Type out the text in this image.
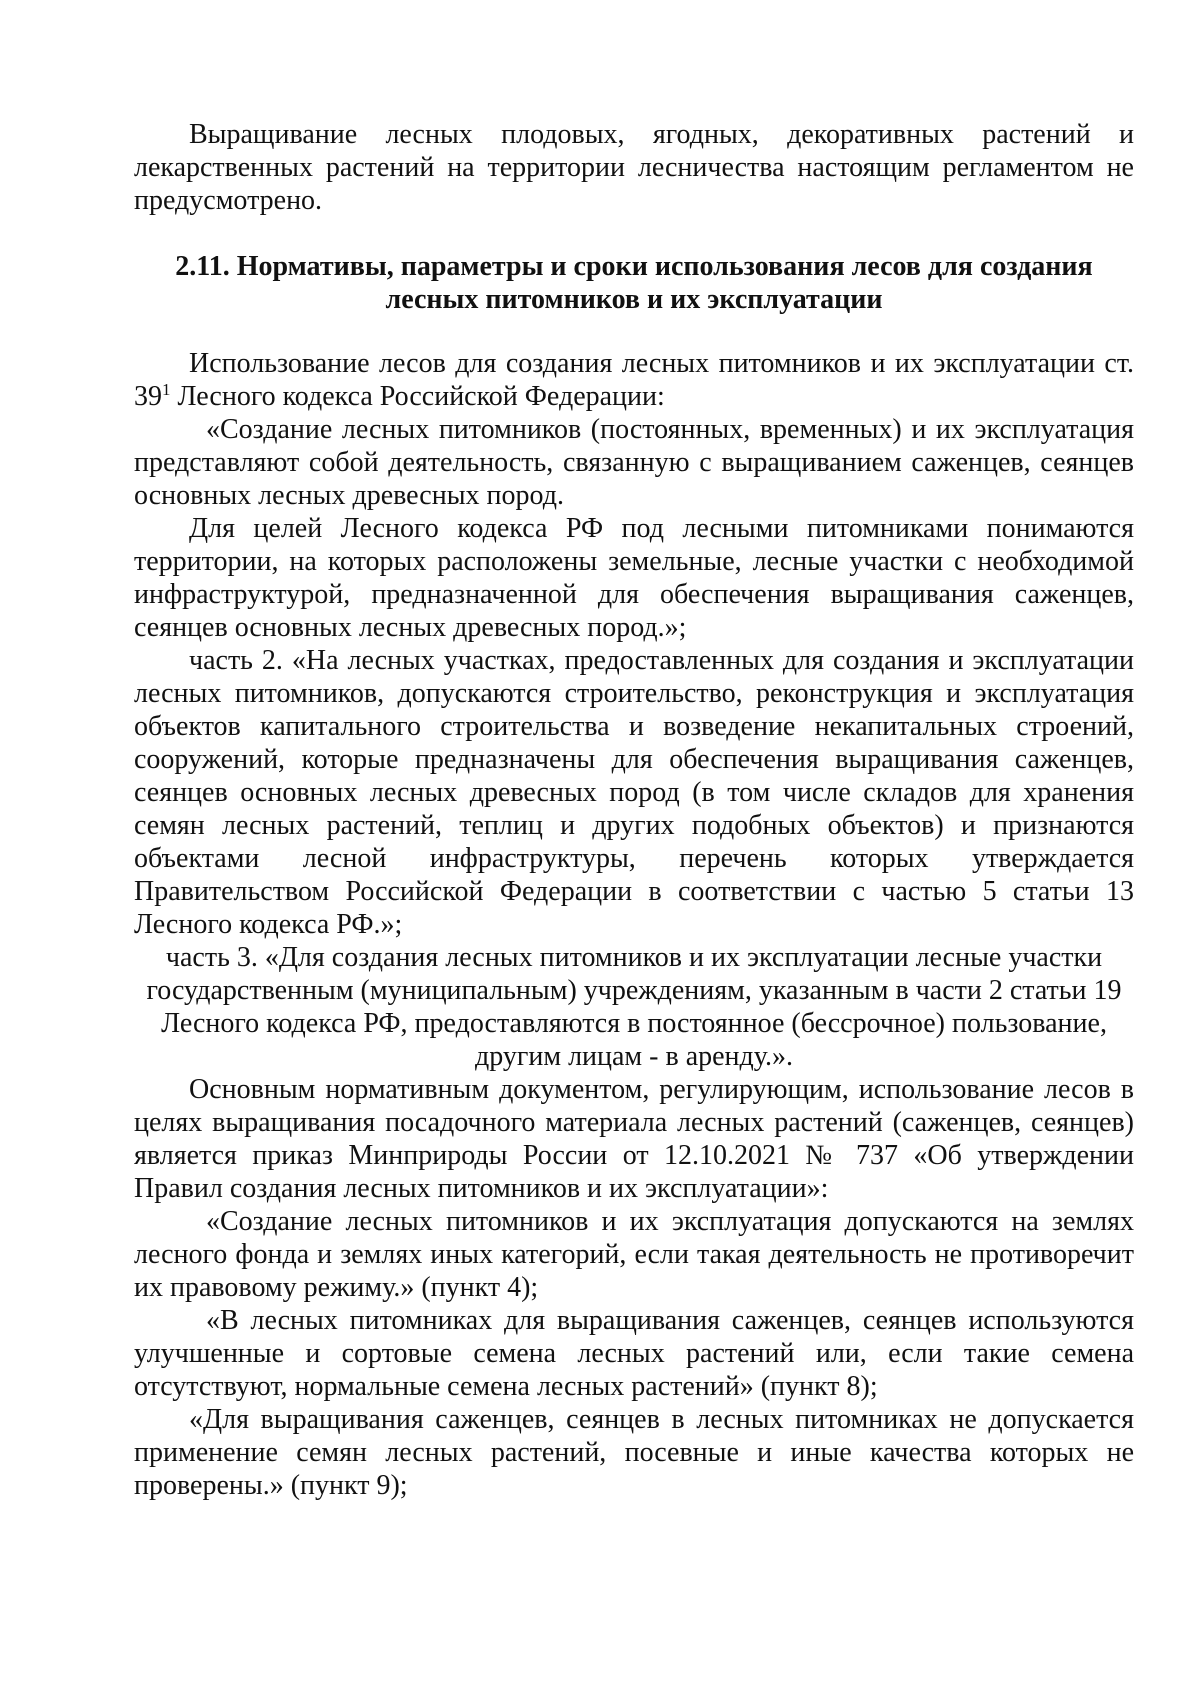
Выращивание лесных плодовых, ягодных, декоративных растений и лекарственных растений на территории лесничества настоящим регламентом не предусмотрено.

2.11. Нормативы, параметры и сроки использования лесов для создания
лесных питомников и их эксплуатации

Использование лесов для создания лесных питомников и их эксплуатации ст. $39^1$ Лесного кодекса Российской Федерации:

«Создание лесных питомников (постоянных, временных) и их эксплуатация представляют собой деятельность, связанную с выращиванием саженцев, сеянцев основных лесных древесных пород.

Для целей Лесного кодекса РФ под лесными питомниками понимаются территории, на которых расположены земельные, лесные участки с необходимой инфраструктурой, предназначенной для обеспечения выращивания саженцев, сеянцев основных лесных древесных пород.»;

часть 2. «На лесных участках, предоставленных для создания и эксплуатации лесных питомников, допускаются строительство, реконструкция и эксплуатация объектов капитального строительства и возведение некапитальных строений, сооружений, которые предназначены для обеспечения выращивания саженцев, сеянцев основных лесных древесных пород (в том числе складов для хранения семян лесных растений, теплиц и других подобных объектов) и признаются объектами лесной инфраструктуры, перечень которых утверждается Правительством Российской Федерации в соответствии с частью 5 статьи 13 Лесного кодекса РФ.»;

часть 3. «Для создания лесных питомников и их эксплуатации лесные участки
государственным (муниципальным) учреждениям, указанным в части 2 статьи 19
Лесного кодекса РФ, предоставляются в постоянное (бессрочное) пользование,
другим лицам - в аренду.».

Основным нормативным документом, регулирующим, использование лесов в целях выращивания посадочного материала лесных растений (саженцев, сеянцев) является приказ Минприроды России от 12.10.2021 № 737 «Об утверждении Правил создания лесных питомников и их эксплуатации»:

«Создание лесных питомников и их эксплуатация допускаются на землях лесного фонда и землях иных категорий, если такая деятельность не противоречит их правовому режиму.» (пункт 4);

«В лесных питомниках для выращивания саженцев, сеянцев используются улучшенные и сортовые семена лесных растений или, если такие семена отсутствуют, нормальные семена лесных растений» (пункт 8);

«Для выращивания саженцев, сеянцев в лесных питомниках не допускается применение семян лесных растений, посевные и иные качества которых не проверены.» (пункт 9);
